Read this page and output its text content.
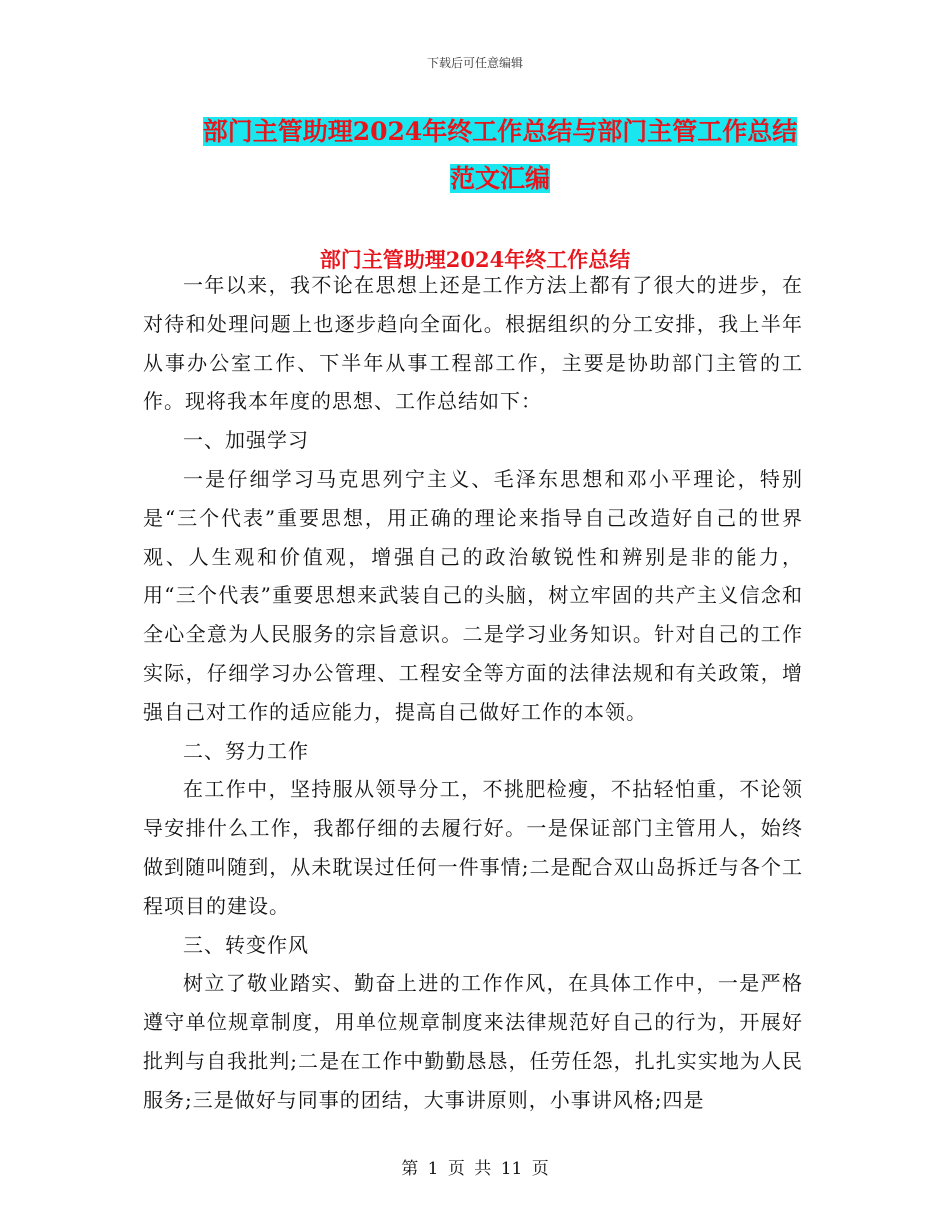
下载后可任意编辑
部门主管助理2024年终工作总结与部门主管工作总结
范文汇编
部门主管助理2024年终工作总结

一年以来，我不论在思想上还是工作方法上都有了很大的进步，在对待和处理问题上也逐步趋向全面化。根据组织的分工安排，我上半年从事办公室工作、下半年从事工程部工作，主要是协助部门主管的工作。现将我本年度的思想、工作总结如下：

一、加强学习

一是仔细学习马克思列宁主义、毛泽东思想和邓小平理论，特别是“三个代表”重要思想，用正确的理论来指导自己改造好自己的世界观、人生观和价值观，增强自己的政治敏锐性和辨别是非的能力，用“三个代表”重要思想来武装自己的头脑，树立牢固的共产主义信念和全心全意为人民服务的宗旨意识。二是学习业务知识。针对自己的工作实际，仔细学习办公管理、工程安全等方面的法律法规和有关政策，增强自己对工作的适应能力，提高自己做好工作的本领。

二、努力工作

在工作中，坚持服从领导分工，不挑肥检瘦，不拈轻怕重，不论领导安排什么工作，我都仔细的去履行好。一是保证部门主管用人，始终做到随叫随到，从未耽误过任何一件事情;二是配合双山岛拆迁与各个工程项目的建设。

三、转变作风

树立了敬业踏实、勤奋上进的工作作风，在具体工作中，一是严格遵守单位规章制度，用单位规章制度来法律规范好自己的行为，开展好批判与自我批判;二是在工作中勤勤恳恳，任劳任怨，扎扎实实地为人民服务;三是做好与同事的团结，大事讲原则，小事讲风格;四是

第 1 页 共 11 页
